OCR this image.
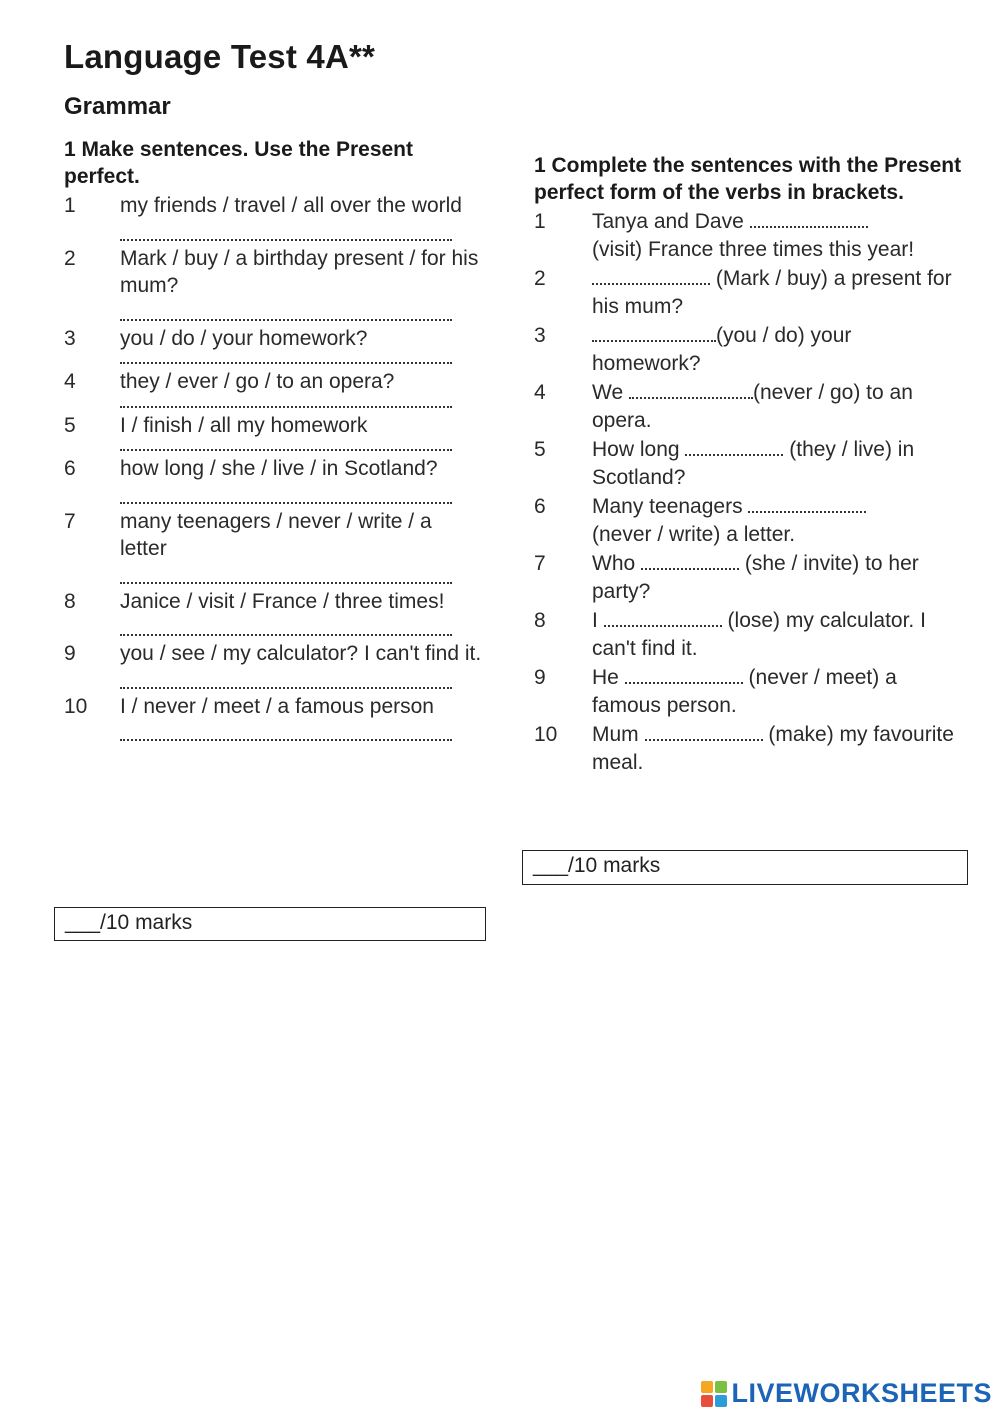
Language Test 4A**
Grammar
1 Make sentences. Use the Present perfect.
1 my friends / travel / all over the world
2 Mark / buy / a birthday present / for his mum?
3 you / do / your homework?
4 they / ever / go / to an opera?
5 I / finish / all my homework
6 how long / she / live / in Scotland?
7 many teenagers / never / write / a letter
8 Janice / visit / France / three times!
9 you / see / my calculator? I can't find it.
10 I / never / meet / a famous person
___/10 marks
1 Complete the sentences with the Present perfect form of the verbs in brackets.
1 Tanya and Dave
(visit) France three times this year!
2	(Mark / buy) a present for his mum?
3	(you / do) your homework?
4 We	(never / go) to an opera.
5 How long	(they / live) in Scotland?
6 Many teenagers
(never / write) a letter.
7 Who	(she / invite) to her party?
8 I	(lose) my calculator. I can't find it.
9 He	(never / meet) a famous person.
10 Mum	(make) my favourite meal.
___/10 marks
LIVEWORKSHEETS
